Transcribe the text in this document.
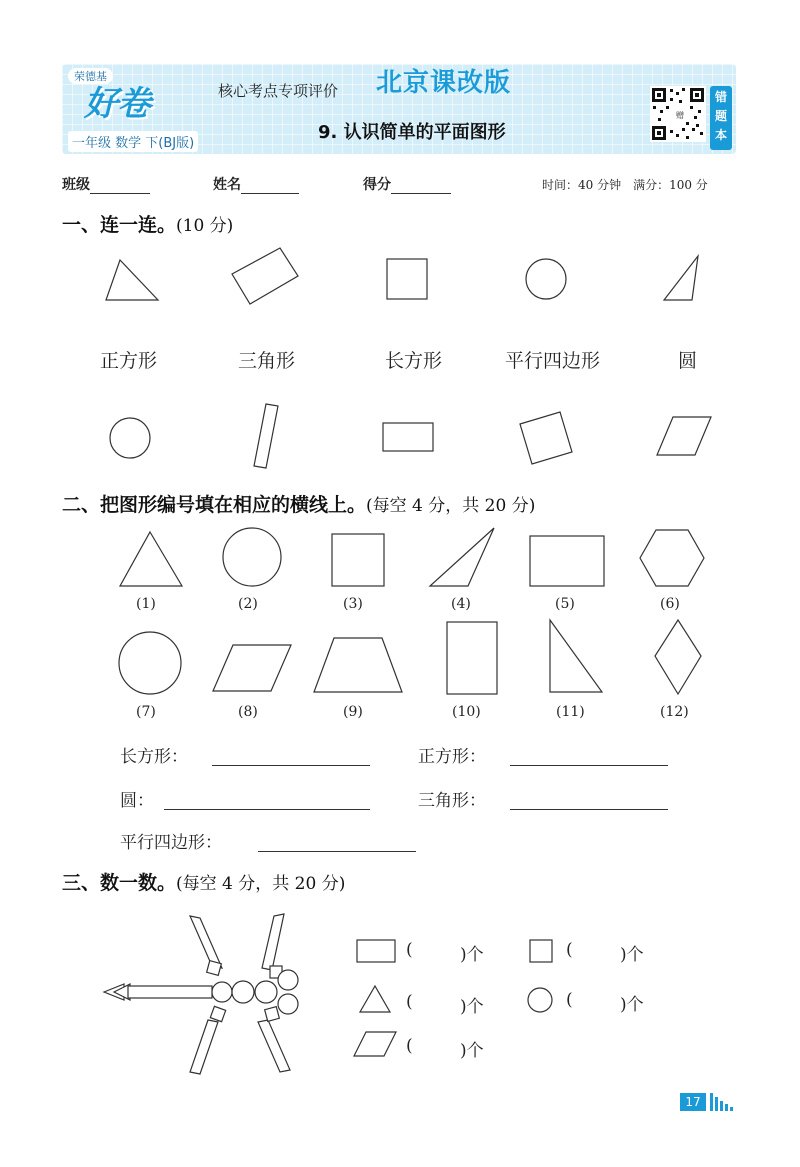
荣德基
好卷
一年级 数学 下(BJ版)
核心考点专项评价 北京课改版
9. 认识简单的平面图形
赠
错题本
班级	姓名	得分	时间：40 分钟　满分：100 分
一、连一连。(10 分)
正方形	三角形	长方形	平行四边形	圆
二、把图形编号填在相应的横线上。(每空 4 分，共 20 分)
(1)	(2)	(3)	(4)	(5)	(6)
(7)	(8)	(9)	(10)	(11)	(12)
长方形：	正方形：
圆：	三角形：
平行四边形：
三、数一数。(每空 4 分，共 20 分)
(	)个	(	)个
(	)个	(	)个
(	)个
17
